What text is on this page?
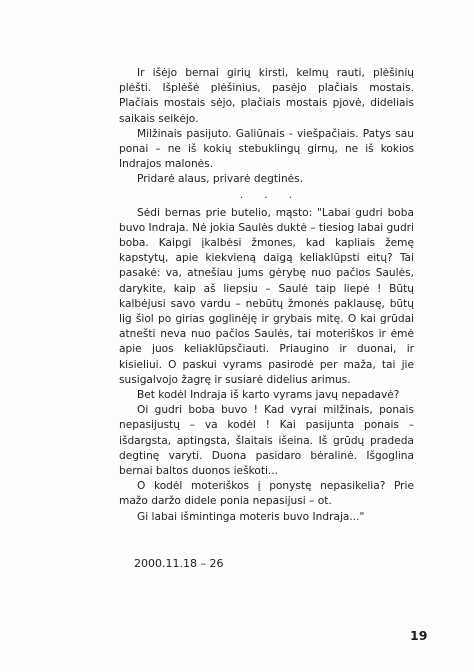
Ir išėjo bernai girių kirsti, kelmų rauti, plėšinių plėšti. Išplėšė plėšinius, pasėjo plačiais mostais. Plačiais mostais sėjo, plačiais mostais pjovė, dideliais saikais seikėjo.

Milžinais pasijuto. Galiūnais - viešpačiais. Patys sau ponai – ne iš kokių stebuklingų girnų, ne iš kokios Indrajos malonės.

Pridarė alaus, privarė degtinės.

. . .

Sėdi bernas prie butelio, mąsto: "Labai gudri boba buvo Indraja. Nė jokia Saulės duktė – tiesiog labai gudri boba. Kaipgi įkalbėsi žmones, kad kapliais žemę kapstytų, apie kiekvieną daigą keliaklūpsti eitų? Tai pasakė: va, atnešiau jums gėrybę nuo pačios Saulės, darykite, kaip aš liepsiu – Saulė taip liepė ! Būtų kalbėjusi savo vardu – nebūtų žmonės paklausę, būtų lig šiol po girias goglinėję ir grybais mitę. O kai grūdai atnešti neva nuo pačios Saulės, tai moteriškos ir ėmė apie juos keliaklūpsčiauti. Priaugino ir duonai, ir kisieliui. O paskui vyrams pasirodė per maža, tai jie susigalvojo žagrę ir susiarė didelius arimus.

Bet kodėl Indraja iš karto vyrams javų nepadavė?

Oi gudri boba buvo ! Kad vyrai milžinais, ponais nepasijustų – va kodėl ! Kai pasijunta ponais – išdargsta, aptingsta, šlaitais išeina. Iš grūdų pradeda degtinę varyti. Duona pasidaro bėralinė. Išgoglina bernai baltos duonos ieškoti...

O kodėl moteriškos į ponystę nepasikelia? Prie mažo daržo didele ponia nepasijusi – ot.

Gi labai išmintinga moteris buvo Indraja..."

2000.11.18 – 26
19
